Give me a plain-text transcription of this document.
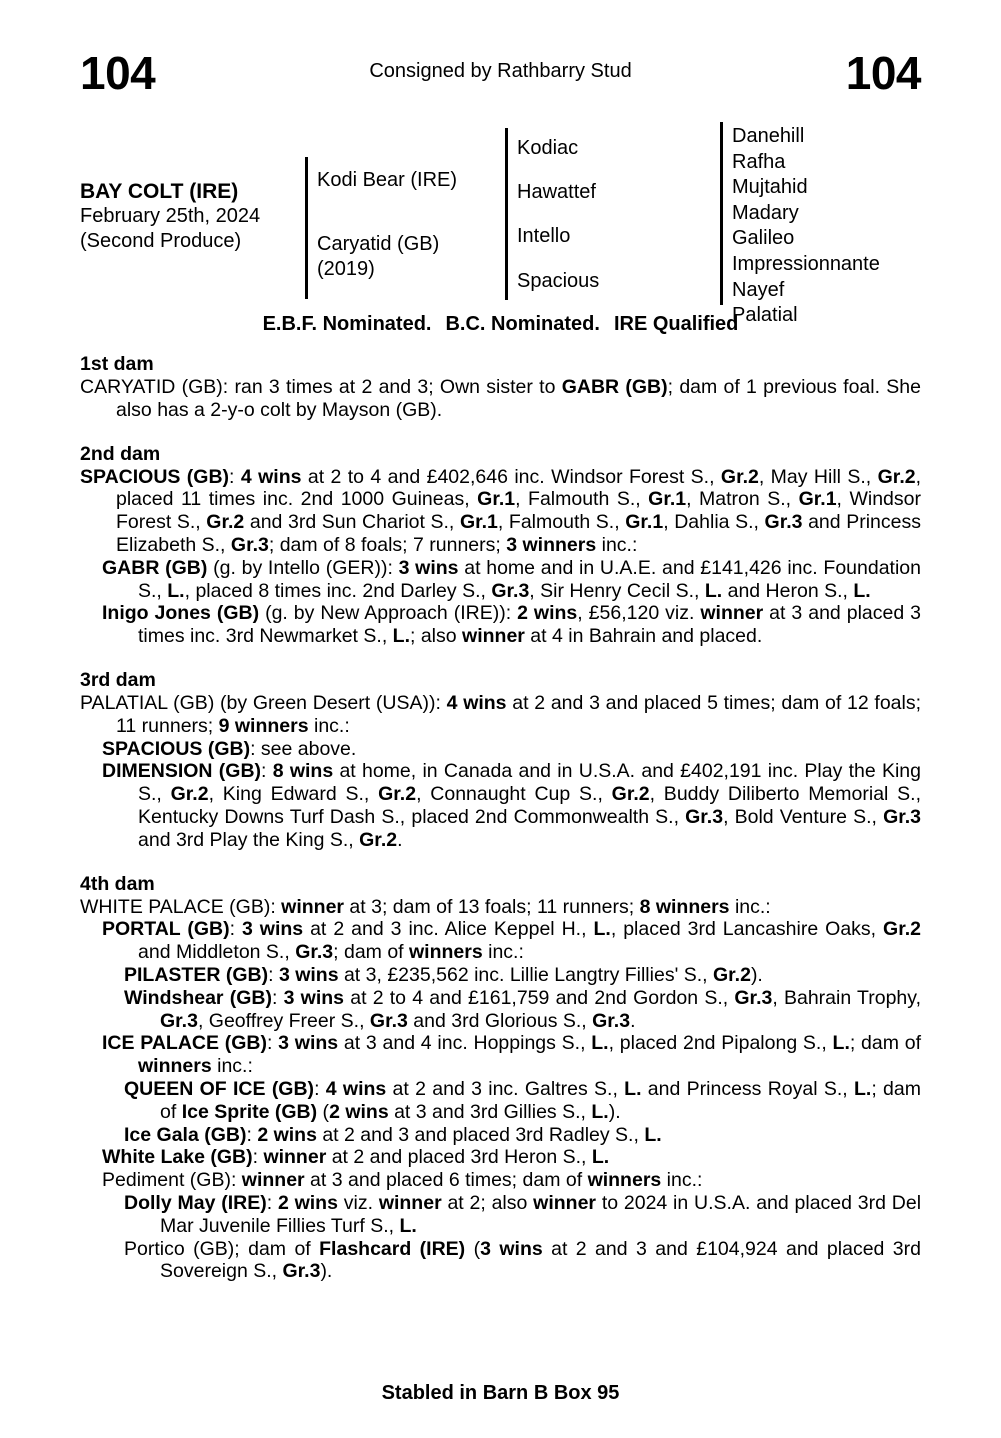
104	Consigned by Rathbarry Stud	104
BAY COLT (IRE)
February 25th, 2024
(Second Produce)
Kodi Bear (IRE)
Caryatid (GB)
(2019)
Kodiac
Hawattef
Intello
Spacious
Danehill
Rafha
Mujtahid
Madary
Galileo
Impressionnante
Nayef
Palatial
E.B.F. Nominated. B.C. Nominated. IRE Qualified
1st dam
CARYATID (GB): ran 3 times at 2 and 3; Own sister to GABR (GB); dam of 1 previous foal. She also has a 2-y-o colt by Mayson (GB).
2nd dam
SPACIOUS (GB): 4 wins at 2 to 4 and £402,646 inc. Windsor Forest S., Gr.2, May Hill S., Gr.2, placed 11 times inc. 2nd 1000 Guineas, Gr.1, Falmouth S., Gr.1, Matron S., Gr.1, Windsor Forest S., Gr.2 and 3rd Sun Chariot S., Gr.1, Falmouth S., Gr.1, Dahlia S., Gr.3 and Princess Elizabeth S., Gr.3; dam of 8 foals; 7 runners; 3 winners inc.:
GABR (GB) (g. by Intello (GER)): 3 wins at home and in U.A.E. and £141,426 inc. Foundation S., L., placed 8 times inc. 2nd Darley S., Gr.3, Sir Henry Cecil S., L. and Heron S., L.
Inigo Jones (GB) (g. by New Approach (IRE)): 2 wins, £56,120 viz. winner at 3 and placed 3 times inc. 3rd Newmarket S., L.; also winner at 4 in Bahrain and placed.
3rd dam
PALATIAL (GB) (by Green Desert (USA)): 4 wins at 2 and 3 and placed 5 times; dam of 12 foals; 11 runners; 9 winners inc.:
SPACIOUS (GB): see above.
DIMENSION (GB): 8 wins at home, in Canada and in U.S.A. and £402,191 inc. Play the King S., Gr.2, King Edward S., Gr.2, Connaught Cup S., Gr.2, Buddy Diliberto Memorial S., Kentucky Downs Turf Dash S., placed 2nd Commonwealth S., Gr.3, Bold Venture S., Gr.3 and 3rd Play the King S., Gr.2.
4th dam
WHITE PALACE (GB): winner at 3; dam of 13 foals; 11 runners; 8 winners inc.:
PORTAL (GB): 3 wins at 2 and 3 inc. Alice Keppel H., L., placed 3rd Lancashire Oaks, Gr.2 and Middleton S., Gr.3; dam of winners inc.:
PILASTER (GB): 3 wins at 3, £235,562 inc. Lillie Langtry Fillies' S., Gr.2).
Windshear (GB): 3 wins at 2 to 4 and £161,759 and 2nd Gordon S., Gr.3, Bahrain Trophy, Gr.3, Geoffrey Freer S., Gr.3 and 3rd Glorious S., Gr.3.
ICE PALACE (GB): 3 wins at 3 and 4 inc. Hoppings S., L., placed 2nd Pipalong S., L.; dam of winners inc.:
QUEEN OF ICE (GB): 4 wins at 2 and 3 inc. Galtres S., L. and Princess Royal S., L.; dam of Ice Sprite (GB) (2 wins at 3 and 3rd Gillies S., L.).
Ice Gala (GB): 2 wins at 2 and 3 and placed 3rd Radley S., L.
White Lake (GB): winner at 2 and placed 3rd Heron S., L.
Pediment (GB): winner at 3 and placed 6 times; dam of winners inc.:
Dolly May (IRE): 2 wins viz. winner at 2; also winner to 2024 in U.S.A. and placed 3rd Del Mar Juvenile Fillies Turf S., L.
Portico (GB); dam of Flashcard (IRE) (3 wins at 2 and 3 and £104,924 and placed 3rd Sovereign S., Gr.3).
Stabled in Barn B Box 95
